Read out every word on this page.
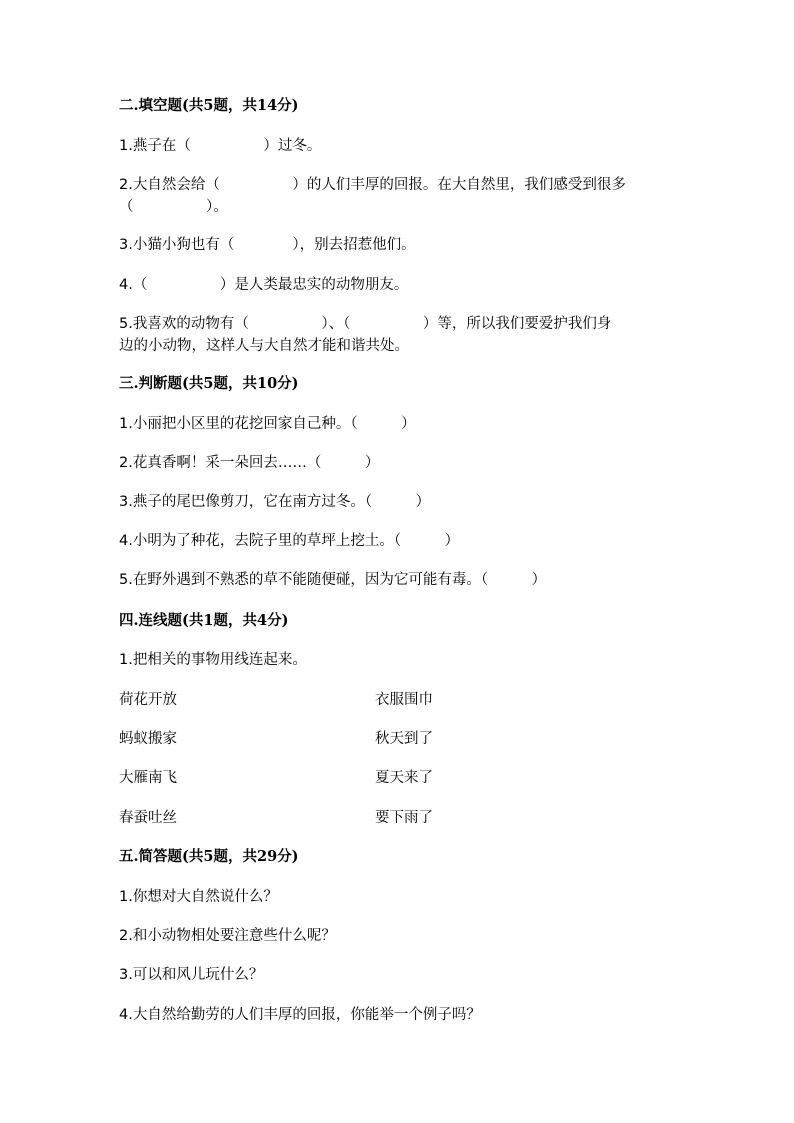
二.填空题(共5题，共14分)
1.燕子在（　　　　　）过冬。
2.大自然会给（　　　　　）的人们丰厚的回报。在大自然里，我们感受到很多
（　　　　　）。
3.小猫小狗也有（　　　　），别去招惹他们。
4.（　　　　　）是人类最忠实的动物朋友。
5.我喜欢的动物有（　　　　　）、（　　　　　）等，所以我们要爱护我们身
边的小动物，这样人与大自然才能和谐共处。
三.判断题(共5题，共10分)
1.小丽把小区里的花挖回家自己种。（　　　）
2.花真香啊！采一朵回去……（　　　）
3.燕子的尾巴像剪刀，它在南方过冬。（　　　）
4.小明为了种花，去院子里的草坪上挖土。（　　　）
5.在野外遇到不熟悉的草不能随便碰，因为它可能有毒。（　　　）
四.连线题(共1题，共4分)
1.把相关的事物用线连起来。
荷花开放	衣服围巾
蚂蚁搬家	秋天到了
大雁南飞	夏天来了
春蚕吐丝	要下雨了
五.简答题(共5题，共29分)
1.你想对大自然说什么？
2.和小动物相处要注意些什么呢？
3.可以和风儿玩什么？
4.大自然给勤劳的人们丰厚的回报，你能举一个例子吗？
